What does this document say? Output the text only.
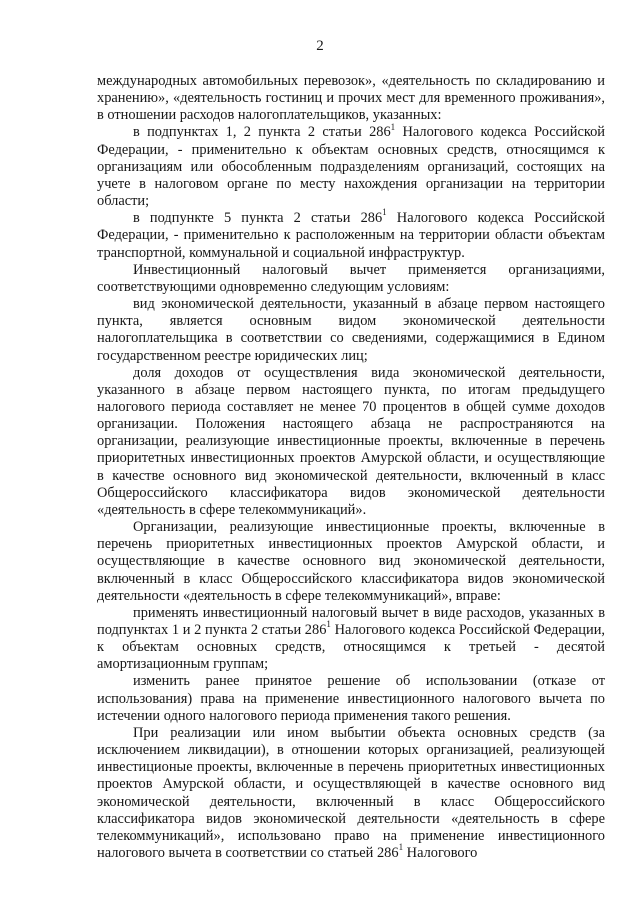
2

международных автомобильных перевозок», «деятельность по складированию и хранению», «деятельность гостиниц и прочих мест для временного проживания», в отношении расходов налогоплательщиков, указанных:

в подпунктах 1, 2 пункта 2 статьи $286^1$ Налогового кодекса Российской Федерации, - применительно к объектам основных средств, относящимся к организациям или обособленным подразделениям организаций, состоящих на учете в налоговом органе по месту нахождения организации на территории области;

в подпункте 5 пункта 2 статьи $286^1$ Налогового кодекса Российской Федерации, - применительно к расположенным на территории области объектам транспортной, коммунальной и социальной инфраструктур.

Инвестиционный налоговый вычет применяется организациями, соответствующими одновременно следующим условиям:

вид экономической деятельности, указанный в абзаце первом настоящего пункта, является основным видом экономической деятельности налогоплательщика в соответствии со сведениями, содержащимися в Едином государственном реестре юридических лиц;

доля доходов от осуществления вида экономической деятельности, указанного в абзаце первом настоящего пункта, по итогам предыдущего налогового периода составляет не менее 70 процентов в общей сумме доходов организации. Положения настоящего абзаца не распространяются на организации, реализующие инвестиционные проекты, включенные в перечень приоритетных инвестиционных проектов Амурской области, и осуществляющие в качестве основного вид экономической деятельности, включенный в класс Общероссийского классификатора видов экономической деятельности «деятельность в сфере телекоммуникаций».

Организации, реализующие инвестиционные проекты, включенные в перечень приоритетных инвестиционных проектов Амурской области, и осуществляющие в качестве основного вид экономической деятельности, включенный в класс Общероссийского классификатора видов экономической деятельности «деятельность в сфере телекоммуникаций», вправе:

применять инвестиционный налоговый вычет в виде расходов, указанных в подпунктах 1 и 2 пункта 2 статьи $286^1$ Налогового кодекса Российской Федерации, к объектам основных средств, относящимся к третьей - десятой амортизационным группам;

изменить ранее принятое решение об использовании (отказе от использования) права на применение инвестиционного налогового вычета по истечении одного налогового периода применения такого решения.

При реализации или ином выбытии объекта основных средств (за исключением ликвидации), в отношении которых организацией, реализующей инвестиционые проекты, включенные в перечень приоритетных инвестиционных проектов Амурской области, и осуществляющей в качестве основного вид экономической деятельности, включенный в класс Общероссийского классификатора видов экономической деятельности «деятельность в сфере телекоммуникаций», использовано право на применение инвестиционного налогового вычета в соответствии со статьей $286^1$ Налогового
